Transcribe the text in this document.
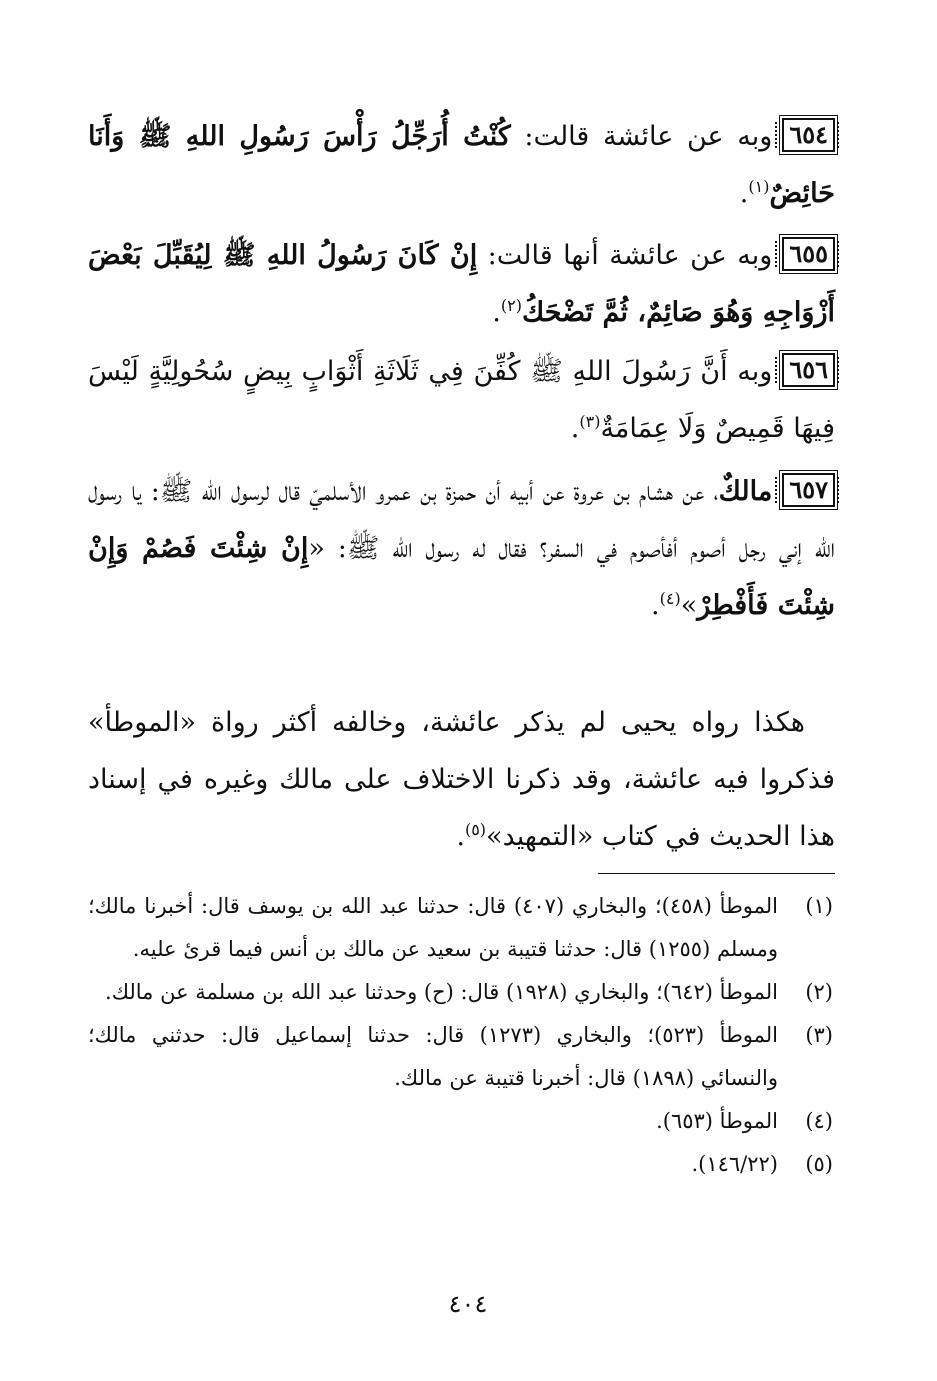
٦٥٤وبه عن عائشة قالت: كُنْتُ أُرَجِّلُ رَأْسَ رَسُولِ اللهِ ﷺ وَأَنَا حَائِضٌ$^{(١)}$.

٦٥٥وبه عن عائشة أنها قالت: إِنْ كَانَ رَسُولُ اللهِ ﷺ لِيُقَبِّلَ بَعْضَ أَزْوَاجِهِ وَهُوَ صَائِمٌ، ثُمَّ تَضْحَكُ$^{(٢)}$.

٦٥٦وبه أَنَّ رَسُولَ اللهِ ﷺ كُفِّنَ فِي ثَلَاثَةِ أَثْوَابٍ بِيضٍ سُحُولِيَّةٍ لَيْسَ فِيهَا قَمِيصٌ وَلَا عِمَامَةٌ$^{(٣)}$.

٦٥٧مالكٌ، عن هشام بن عروة عن أبيه أن حمزة بن عمرو الأسلميّ قال لرسول الله ﷺ: يا رسول الله إني رجل أصوم أفأصوم في السفر؟ فقال له رسول الله ﷺ: «إِنْ شِئْتَ فَصُمْ وَإِنْ شِئْتَ فَأَفْطِرْ»$^{(٤)}$.

هكذا رواه يحيى لم يذكر عائشة، وخالفه أكثر رواة «الموطأ» فذكروا فيه عائشة، وقد ذكرنا الاختلاف على مالك وغيره في إسناد هذا الحديث في كتاب «التمهيد»$^{(٥)}$.

(١)
الموطأ (٤٥٨)؛ والبخاري (٤٠٧) قال: حدثنا عبد الله بن يوسف قال: أخبرنا مالك؛ ومسلم (١٢٥٥) قال: حدثنا قتيبة بن سعيد عن مالك بن أنس فيما قرئ عليه.
(٢)
الموطأ (٦٤٢)؛ والبخاري (١٩٢٨) قال: (ح) وحدثنا عبد الله بن مسلمة عن مالك.
(٣)
الموطأ (٥٢٣)؛ والبخاري (١٢٧٣) قال: حدثنا إسماعيل قال: حدثني مالك؛ والنسائي (١٨٩٨) قال: أخبرنا قتيبة عن مالك.
(٤)
الموطأ (٦٥٣).
(٥)
(١٤٦/٢٢).
٤٠٤
